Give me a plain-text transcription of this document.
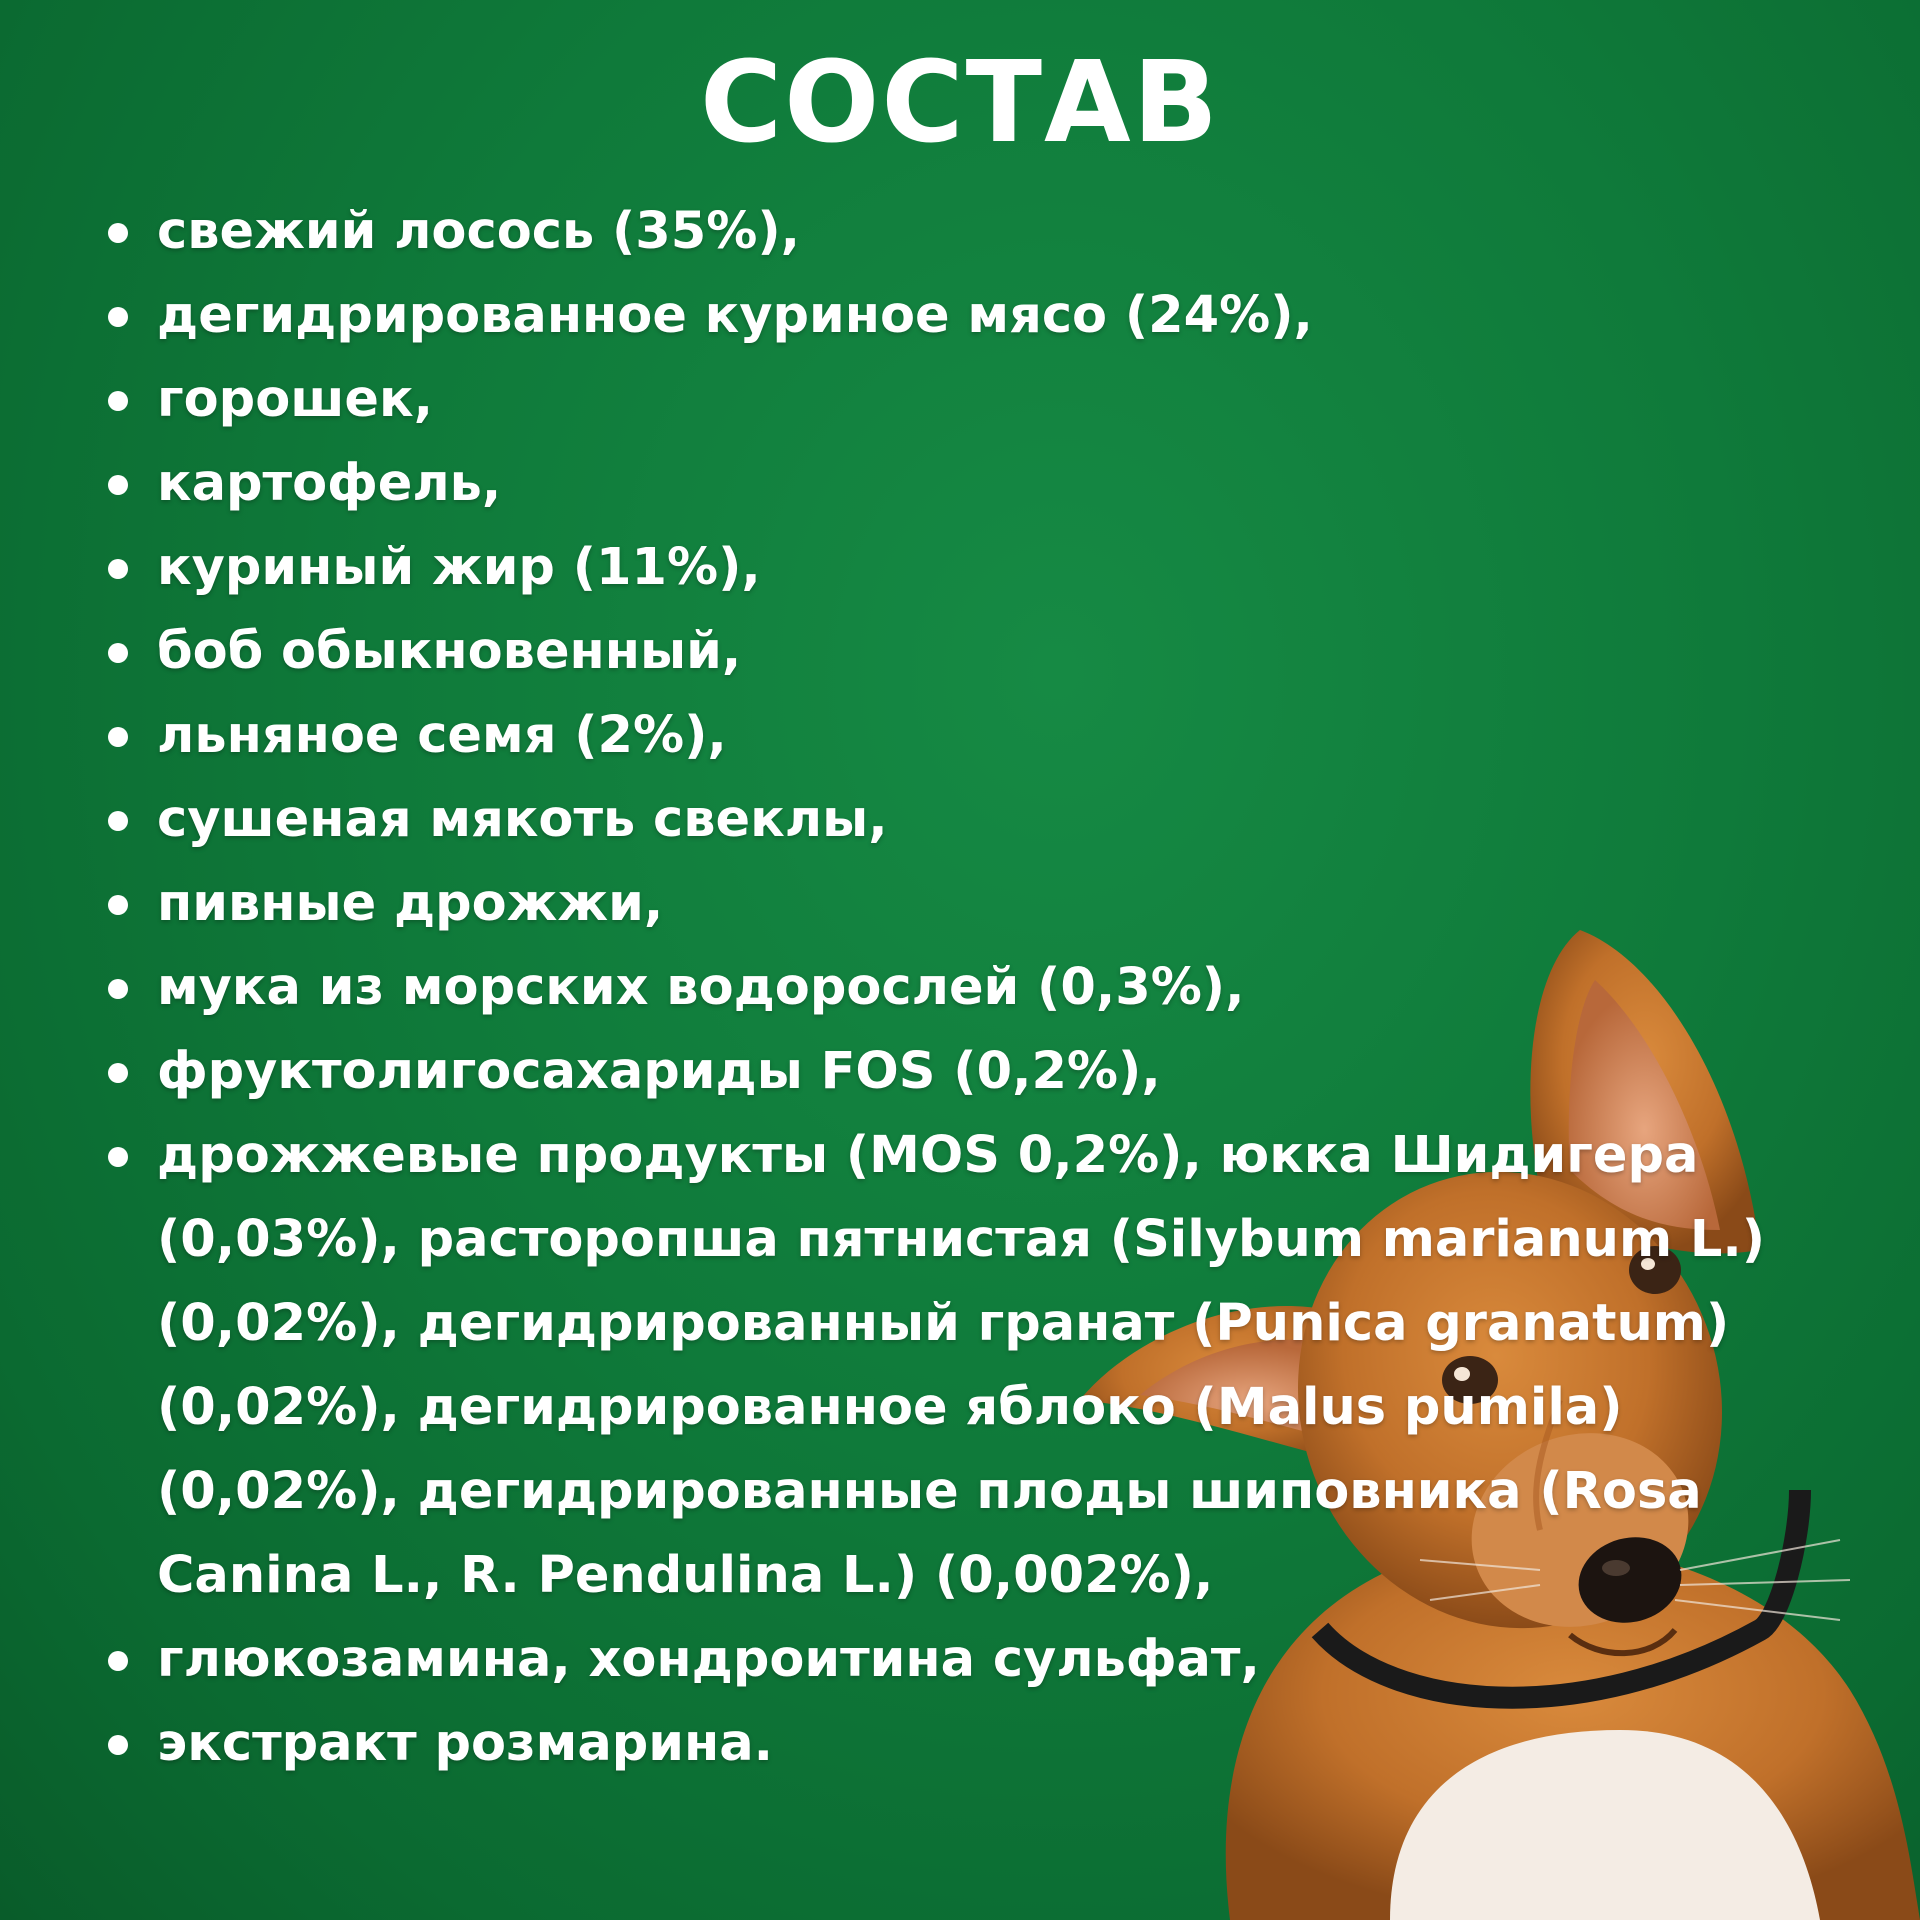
СОСТАВ
свежий лосось (35%),
дегидрированное куриное мясо (24%),
горошек,
картофель,
куриный жир (11%),
боб обыкновенный,
льняное семя (2%),
сушеная мякоть свеклы,
пивные дрожжи,
мука из морских водорослей (0,3%),
фруктолигосахариды FOS (0,2%),
дрожжевые продукты (MOS 0,2%), юкка Шидигера (0,03%), расторопша пятнистая (Silybum marianum L.) (0,02%), дегидрированный гранат (Punica granatum) (0,02%), дегидрированное яблоко (Malus pumila) (0,02%), дегидрированные плоды шиповника (Rosa Canina L., R. Pendulina L.) (0,002%),
глюкозамина, хондроитина сульфат,
экстракт розмарина.
